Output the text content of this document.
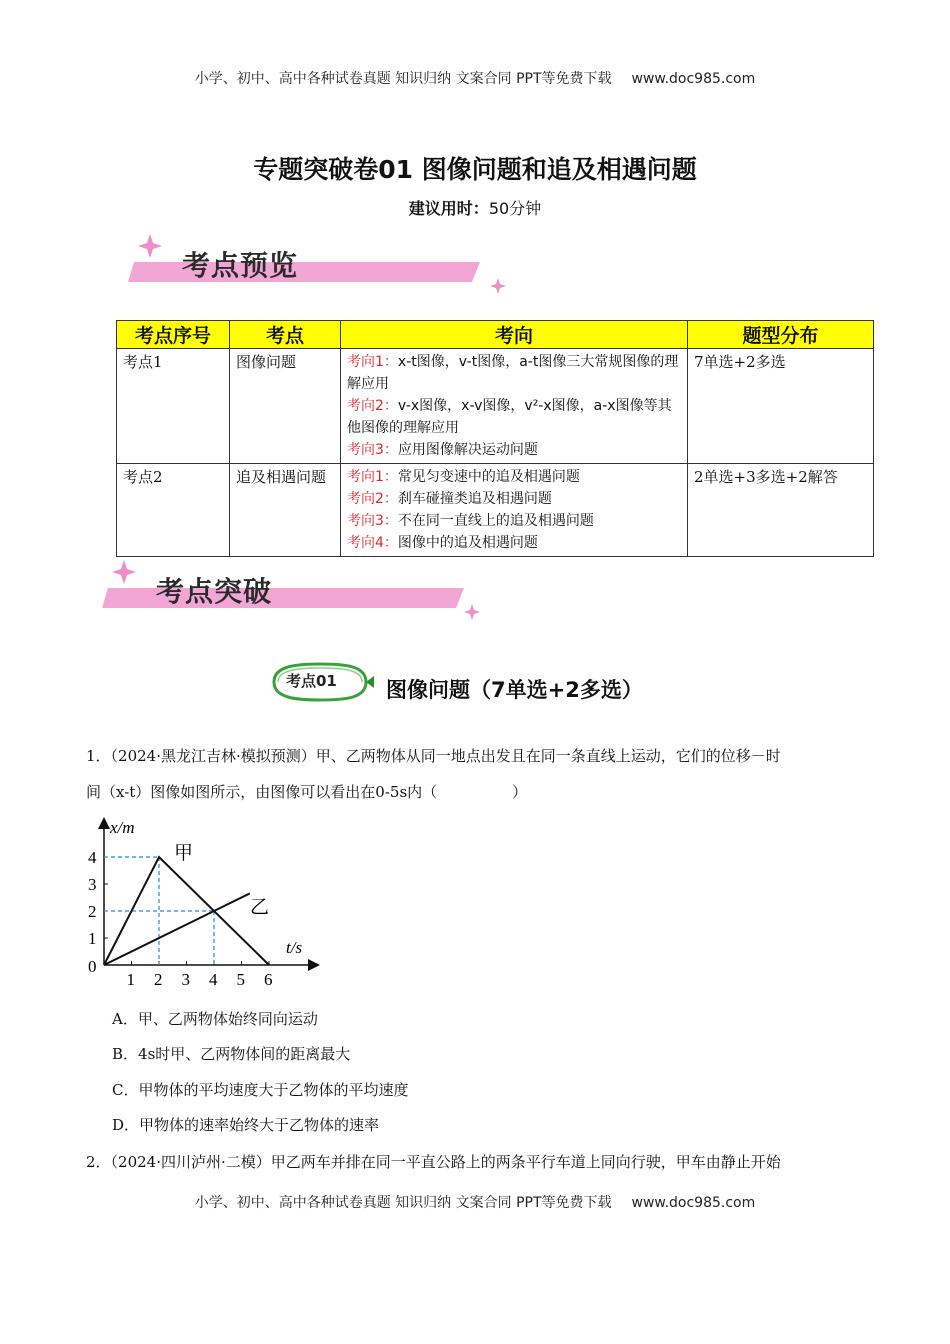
小学、初中、高中各种试卷真题 知识归纳 文案合同 PPT等免费下载 www.doc985.com
专题突破卷01 图像问题和追及相遇问题
建议用时：50分钟
考点预览
考点序号	考点	考向	题型分布
考点1	图像问题	考向1：x-t图像，v-t图像，a-t图像三大常规图像的理解应用
考向2：v-x图像，x-v图像，v²-x图像，a-x图像等其他图像的理解应用
考向3：应用图像解决运动问题	7单选+2多选
考点2	追及相遇问题	考向1：常见匀变速中的追及相遇问题
考向2：刹车碰撞类追及相遇问题
考向3：不在同一直线上的追及相遇问题
考向4：图像中的追及相遇问题	2单选+3多选+2解答
考点突破
考点01 图像问题（7单选+2多选）
1．（2024·黑龙江吉林·模拟预测）甲、乙两物体从同一地点出发且在同一条直线上运动，它们的位移－时
间（x-t）图像如图所示，由图像可以看出在0-5s内（　　　　　）
1 2 3 4 5 6
1
2
3
4
x/m
t/s
0
甲
乙
A．甲、乙两物体始终同向运动
B．4s时甲、乙两物体间的距离最大
C．甲物体的平均速度大于乙物体的平均速度
D．甲物体的速率始终大于乙物体的速率
2．（2024·四川泸州·二模）甲乙两车并排在同一平直公路上的两条平行车道上同向行驶，甲车由静止开始
小学、初中、高中各种试卷真题 知识归纳 文案合同 PPT等免费下载 www.doc985.com
